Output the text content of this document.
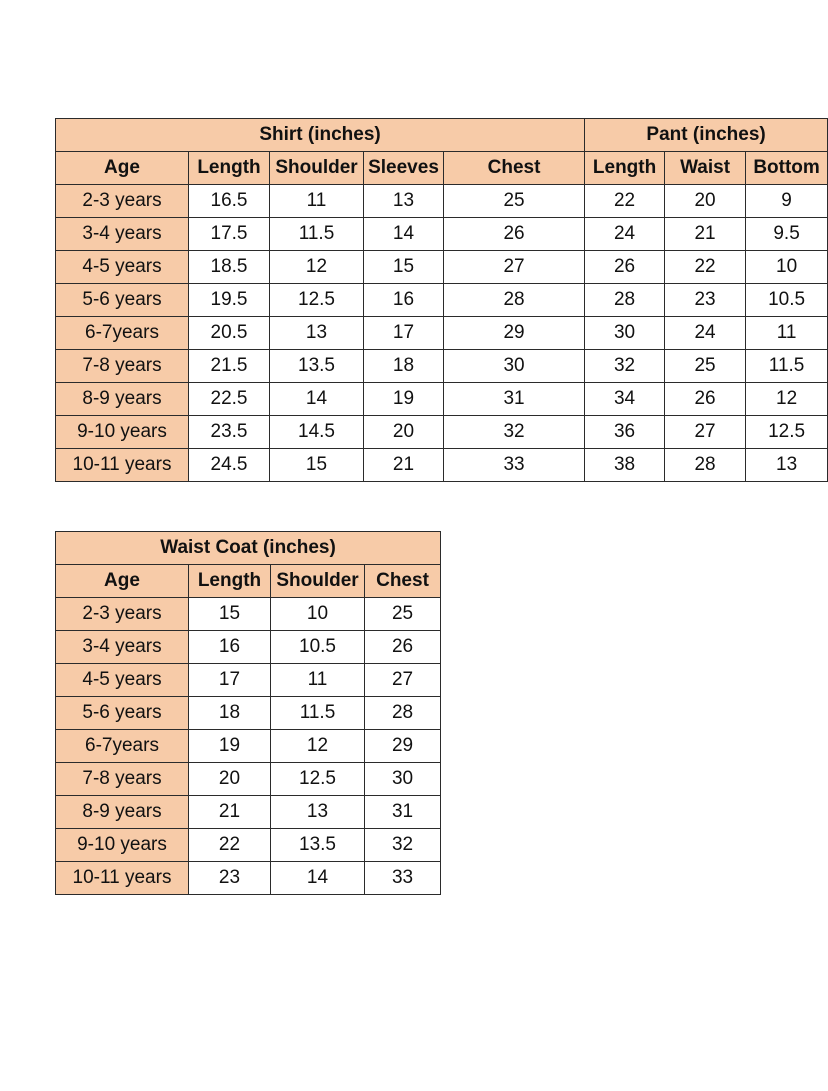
Shirt (inches)					Pant (inches)		
Age	Length	Shoulder	Sleeves	Chest	Length	Waist	Bottom
2-3 years	16.5	11	13	25	22	20	9
3-4 years	17.5	11.5	14	26	24	21	9.5
4-5 years	18.5	12	15	27	26	22	10
5-6 years	19.5	12.5	16	28	28	23	10.5
6-7years	20.5	13	17	29	30	24	11
7-8 years	21.5	13.5	18	30	32	25	11.5
8-9 years	22.5	14	19	31	34	26	12
9-10 years	23.5	14.5	20	32	36	27	12.5
10-11 years	24.5	15	21	33	38	28	13
Waist Coat (inches)			
Age	Length	Shoulder	Chest
2-3 years	15	10	25
3-4 years	16	10.5	26
4-5 years	17	11	27
5-6 years	18	11.5	28
6-7years	19	12	29
7-8 years	20	12.5	30
8-9 years	21	13	31
9-10 years	22	13.5	32
10-11 years	23	14	33
